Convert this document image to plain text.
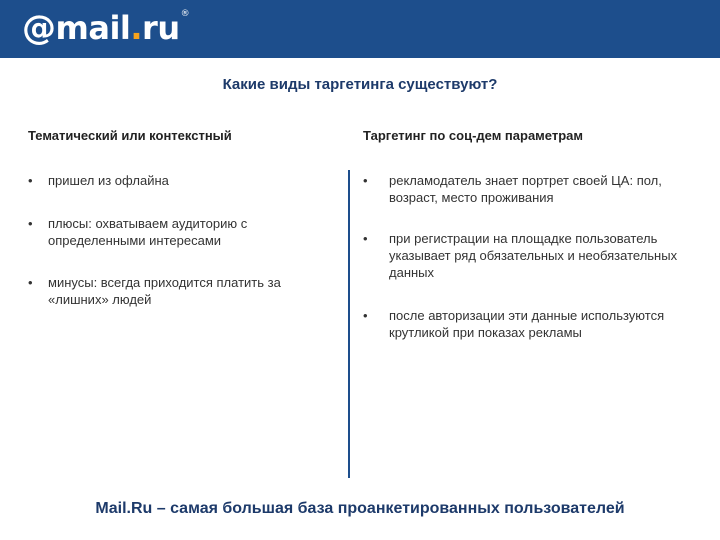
@mail.ru®
Какие виды таргетинга существуют?
Тематический или контекстный	Таргетинг по соц-дем параметрам
• пришел из офлайна
• плюсы: охватываем аудиторию с определенными интересами
• минусы: всегда приходится платить за «лишних» людей
• рекламодатель знает портрет своей ЦА: пол, возраст, место проживания
• при регистрации на площадке пользователь указывает ряд обязательных и необязательных данных
• после авторизации эти данные используются крутликой при показах рекламы
Mail.Ru – самая большая база проанкетированных пользователей
